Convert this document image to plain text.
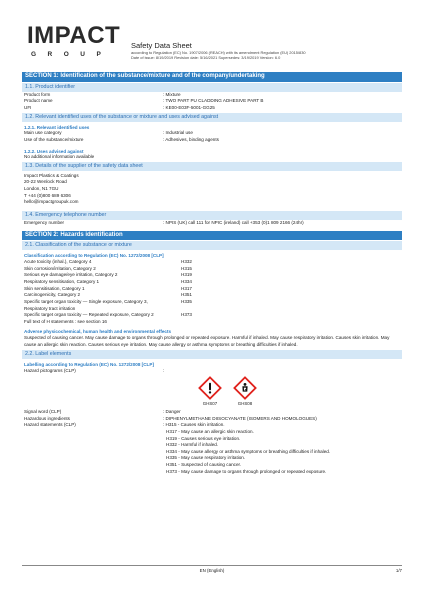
IMPACT
GROUP
Safety Data Sheet
according to Regulation (EC) No. 1907/2006 (REACH) with its amendment Regulation (EU) 2015/830
Date of issue: 8/19/2019 Revision date: 5/16/2021 Supersedes: 3/19/2019 Version: 6.0
SECTION 1: Identification of the substance/mixture and of the company/undertaking
1.1. Product identifier
Product form	: Mixture
Product name	: TWO PART PU CLADDING ADHESIVE PART B
UFI	: KE00-E03F-5001-GG25
1.2. Relevant identified uses of the substance or mixture and uses advised against
1.2.1. Relevant identified uses
Main use category	: Industrial use
Use of the substance/mixture	: Adhesives, binding agents
1.2.2. Uses advised against
No additional information available
1.3. Details of the supplier of the safety data sheet
Impact Plastics & Coatings
20-22 Wenlock Road
London, N1 7GU
T +44 (0)800 689 6306
hello@impactgroupuk.com
1.4. Emergency telephone number
Emergency number	: NPIS (UK) call 111 for NPIC (ireland) call +353 (0)1 809 2166 (24hr)
SECTION 2: Hazards identification
2.1. Classification of the substance or mixture
Classification according to Regulation (EC) No. 1272/2008 [CLP]
Acute toxicity (inhal.), Category 4	H332
Skin corrosion/irritation, Category 2	H315
Serious eye damage/eye irritation, Category 2	H319
Respiratory sensitisation, Category 1	H334
Skin sensitisation, Category 1	H317
Carcinogenicity, Category 2	H351
Specific target organ toxicity — Single exposure, Category 3,
Respiratory tract irritation
H335
Specific target organ toxicity — Repeated exposure, Category 2	H373
Full text of H statements : see section 16
Adverse physicochemical, human health and environmental effects
Suspected of causing cancer. May cause damage to organs through prolonged or repeated exposure. Harmful if inhaled. May cause respiratory irritation. Causes skin irritation. May cause an allergic skin reaction. Causes serious eye irritation. May cause allergy or asthma symptoms or breathing difficulties if inhaled.
2.2. Label elements
Labelling according to Regulation (EC) No. 1272/2008 [CLP]
Hazard pictograms (CLP)	:
GHS07	GHS08
Signal word (CLP)	: Danger
Hazardous ingredients	: DIPHENYLMETHANE DIISOCYANATE (ISOMERS AND HOMOLOGUES)
Hazard statements (CLP)	: H315 - Causes skin irritation.
H317 - May cause an allergic skin reaction.
H319 - Causes serious eye irritation.
H332 - Harmful if inhaled.
H334 - May cause allergy or asthma symptoms or breathing difficulties if inhaled.
H335 - May cause respiratory irritation.
H351 - Suspected of causing cancer.
H373 - May cause damage to organs through prolonged or repeated exposure.
EN (English)	1/7
